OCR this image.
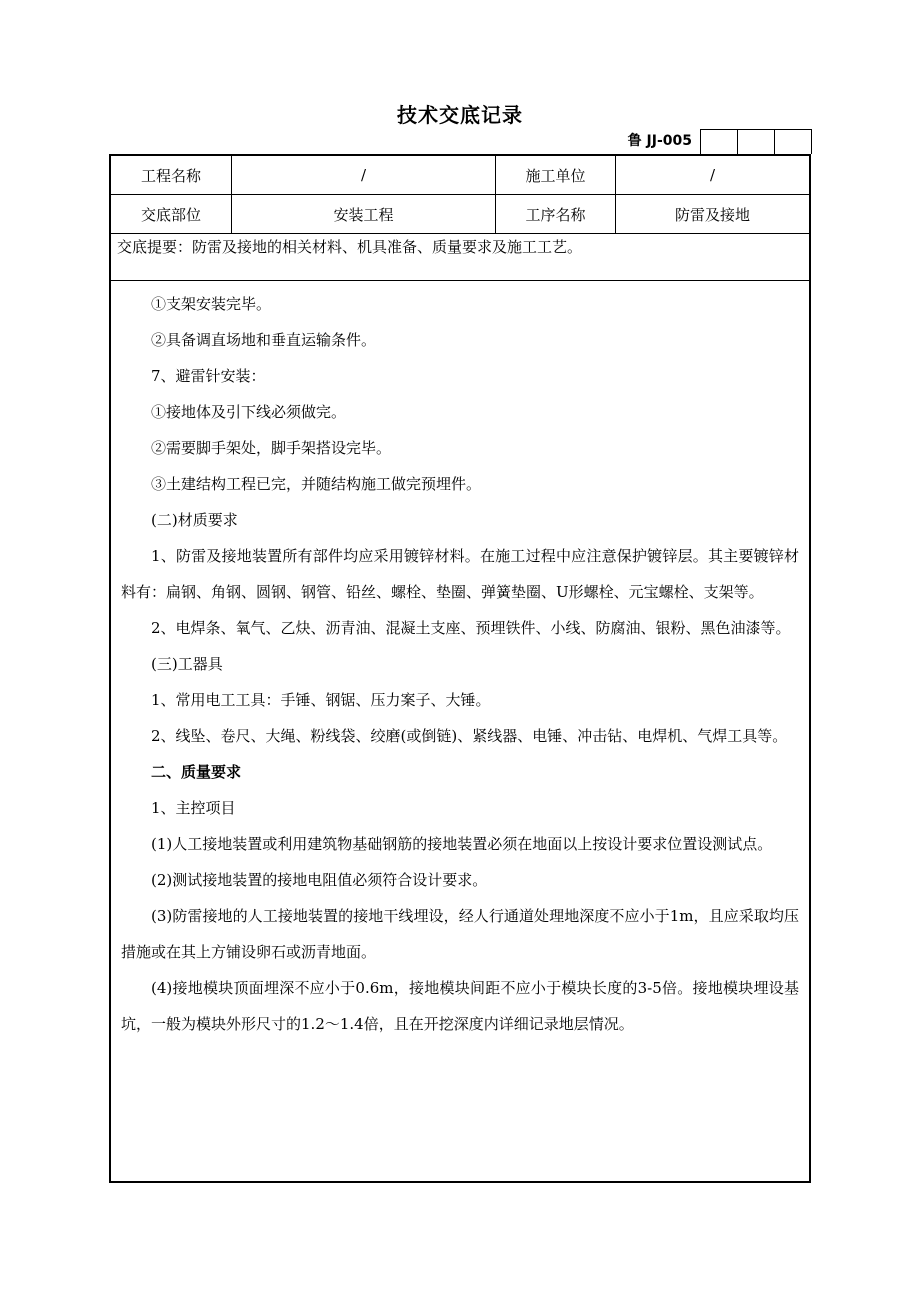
技术交底记录
鲁 JJ-005
工程名称	/	施工单位	/
交底部位	安装工程	工序名称	防雷及接地
交底提要：防雷及接地的相关材料、机具准备、质量要求及施工工艺。

①支架安装完毕。

②具备调直场地和垂直运输条件。

7、避雷针安装：

①接地体及引下线必须做完。

②需要脚手架处，脚手架搭设完毕。

③土建结构工程已完，并随结构施工做完预埋件。

(二)材质要求

1、防雷及接地装置所有部件均应采用镀锌材料。在施工过程中应注意保护镀锌层。其主要镀锌材料有：扁钢、角钢、圆钢、钢管、铅丝、螺栓、垫圈、弹簧垫圈、U形螺栓、元宝螺栓、支架等。

2、电焊条、氧气、乙炔、沥青油、混凝土支座、预埋铁件、小线、防腐油、银粉、黑色油漆等。

(三)工器具

1、常用电工工具：手锤、钢锯、压力案子、大锤。

2、线坠、卷尺、大绳、粉线袋、绞磨(或倒链)、紧线器、电锤、冲击钻、电焊机、气焊工具等。

二、质量要求

1、主控项目

(1)人工接地装置或利用建筑物基础钢筋的接地装置必须在地面以上按设计要求位置设测试点。

(2)测试接地装置的接地电阻值必须符合设计要求。

(3)防雷接地的人工接地装置的接地干线埋设，经人行通道处理地深度不应小于1m，且应采取均压措施或在其上方铺设卵石或沥青地面。

(4)接地模块顶面埋深不应小于0.6m，接地模块间距不应小于模块长度的3-5倍。接地模块埋设基坑，一般为模块外形尺寸的1.2～1.4倍，且在开挖深度内详细记录地层情况。
